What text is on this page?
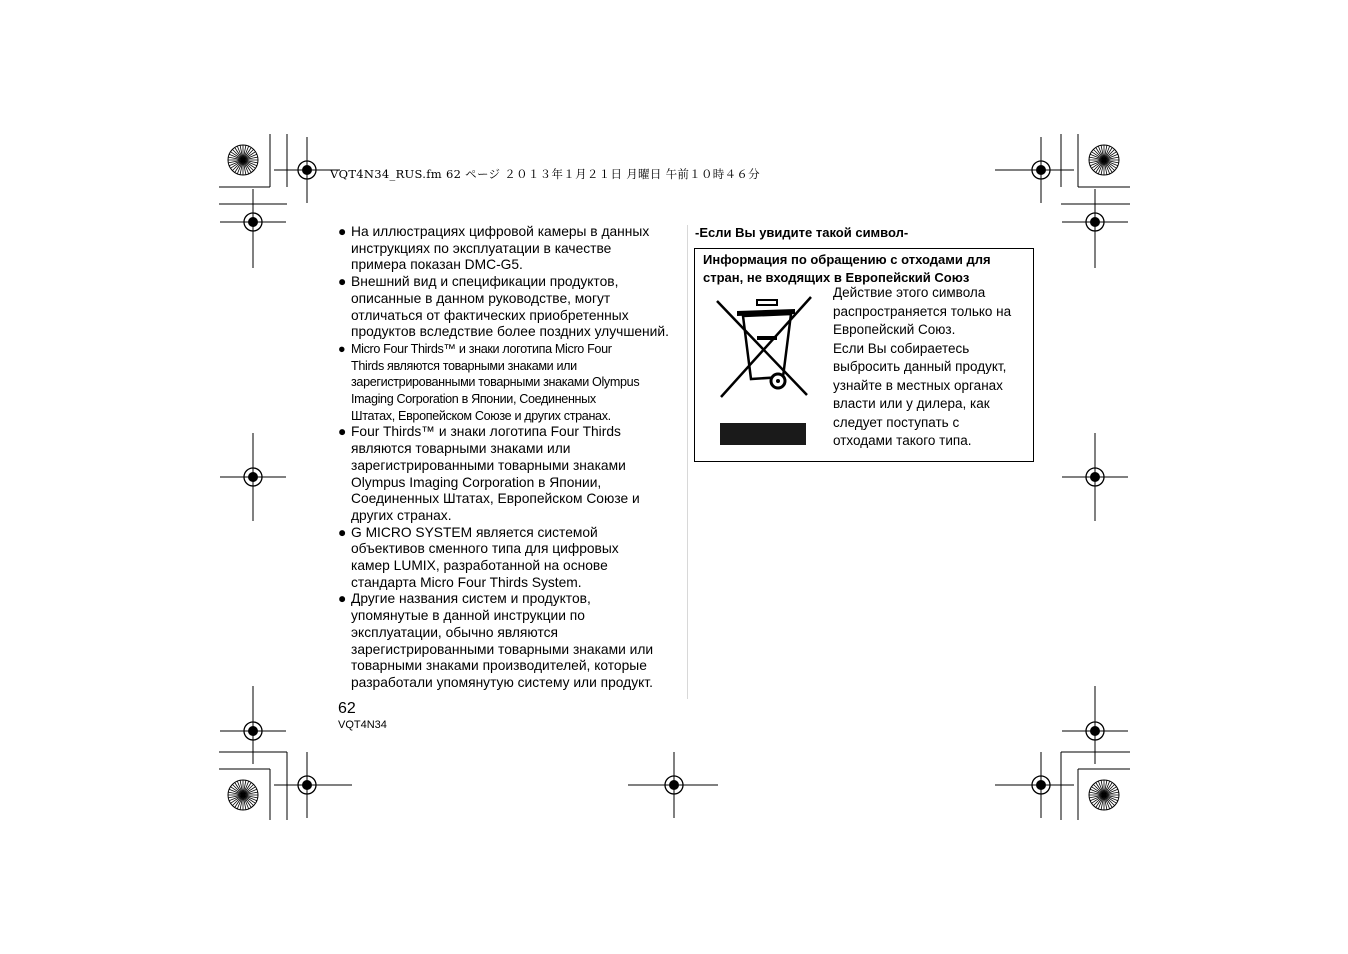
VQT4N34_RUS.fm 62 ページ ２０１３年１月２１日 月曜日 午前１０時４６分
● На иллюстрациях цифровой камеры в данных
инструкциях по эксплуатации в качестве
примера показан DMC-G5.
● Внешний вид и спецификации продуктов,
описанные в данном руководстве, могут
отличаться от фактических приобретенных
продуктов вследствие более поздних улучшений.
● Micro Four Thirds™ и знаки логотипа Micro Four
Thirds являются товарными знаками или
зарегистрированными товарными знаками Olympus
Imaging Corporation в Японии, Соединенных
Штатах, Европейском Союзе и других странах.
● Four Thirds™ и знаки логотипа Four Thirds
являются товарными знаками или
зарегистрированными товарными знаками
Olympus Imaging Corporation в Японии,
Соединенных Штатах, Европейском Союзе и
других странах.
● G MICRO SYSTEM является системой
объективов сменного типа для цифровых
камер LUMIX, разработанной на основе
стандарта Micro Four Thirds System.
● Другие названия систем и продуктов,
упомянутые в данной инструкции по
эксплуатации, обычно являются
зарегистрированными товарными знаками или
товарными знаками производителей, которые
разработали упомянутую систему или продукт.
62
VQT4N34
-Если Вы увидите такой символ-
Информация по обращению с отходами для
стран, не входящих в Европейский Союз
Действие этого символа
распространяется только на
Европейский Союз.
Если Вы собираетесь
выбросить данный продукт,
узнайте в местных органах
власти или у дилера, как
следует поступать с
отходами такого типа.
